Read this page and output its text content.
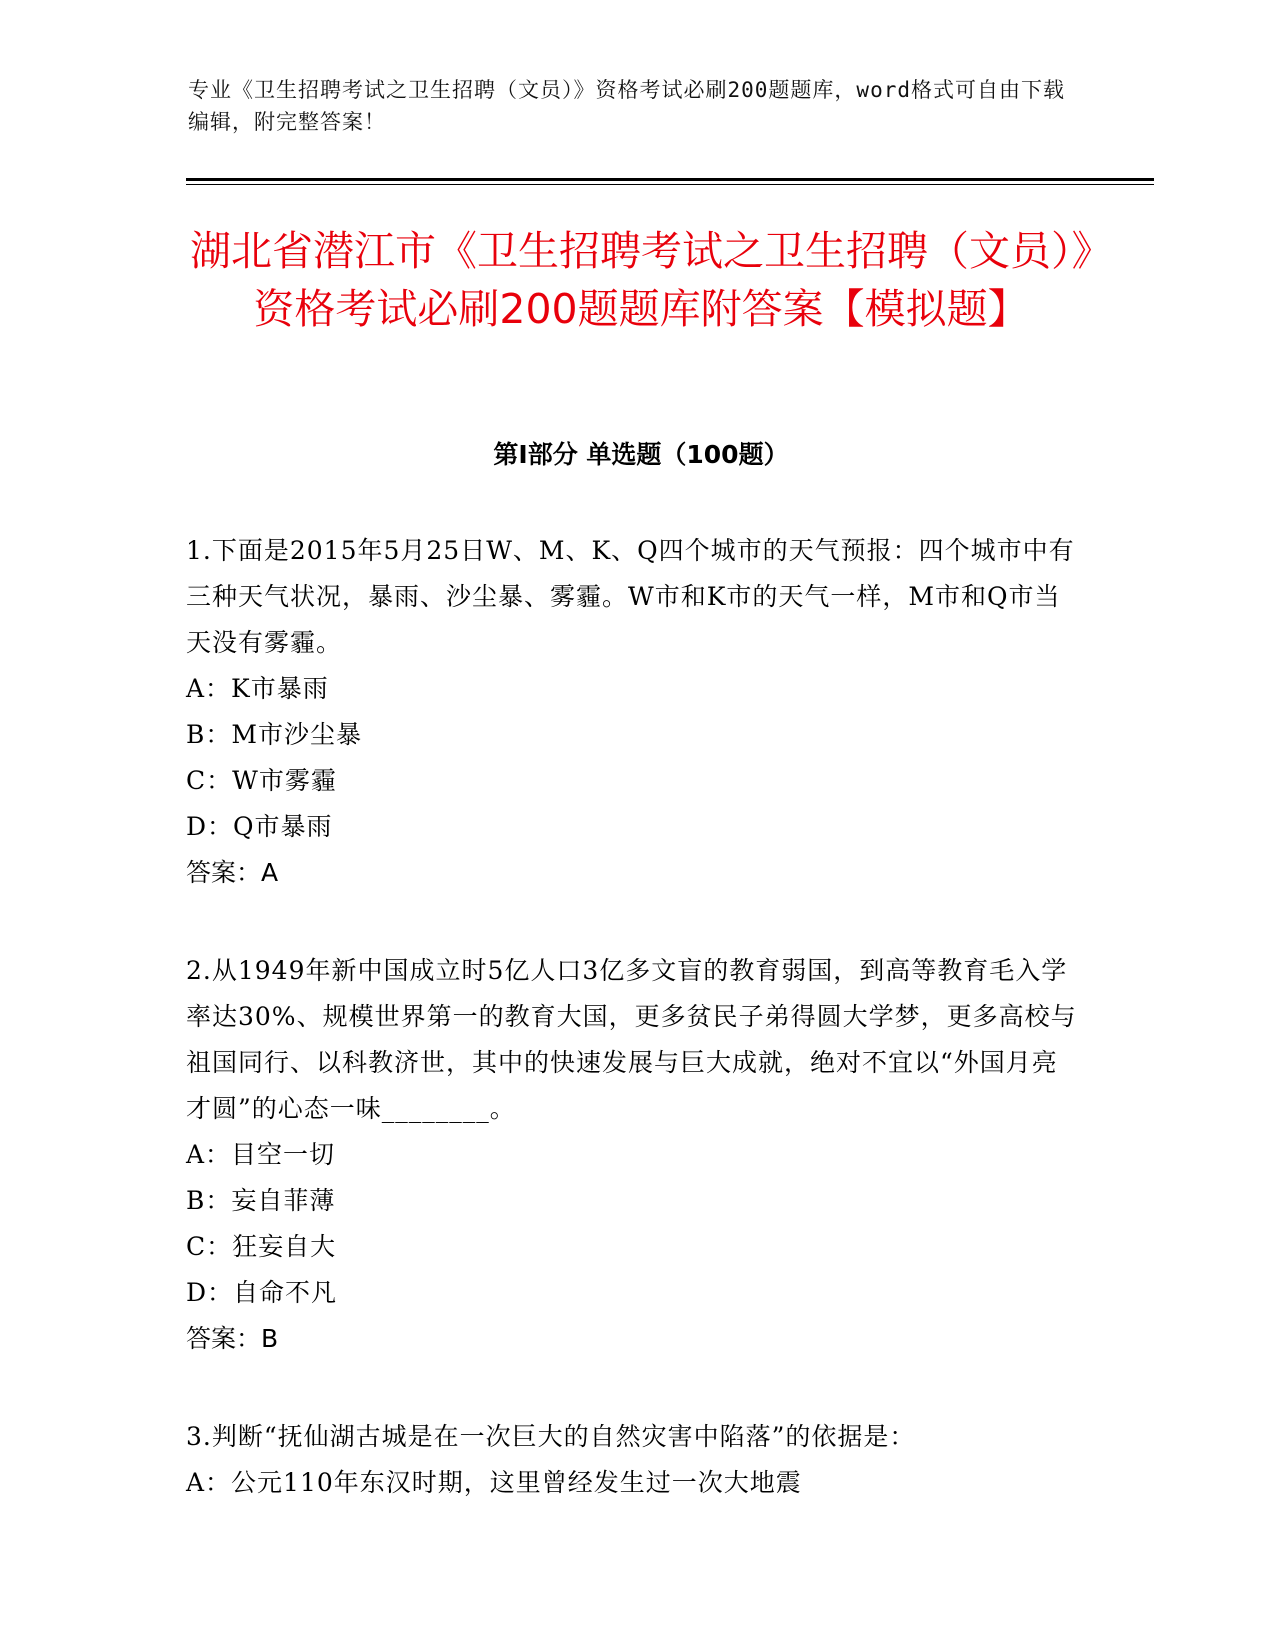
专业《卫生招聘考试之卫生招聘（文员）》资格考试必刷200题题库，word格式可自由下载编辑，附完整答案！
湖北省潜江市《卫生招聘考试之卫生招聘（文员）》资格考试必刷200题题库附答案【模拟题】
第I部分 单选题（100题）

1.下面是2015年5月25日W、M、K、Q四个城市的天气预报：四个城市中有三种天气状况，暴雨、沙尘暴、雾霾。W市和K市的天气一样，M市和Q市当天没有雾霾。

A：K市暴雨

B：M市沙尘暴

C：W市雾霾

D：Q市暴雨

答案：A

2.从1949年新中国成立时5亿人口3亿多文盲的教育弱国，到高等教育毛入学率达30%、规模世界第一的教育大国，更多贫民子弟得圆大学梦，更多高校与祖国同行、以科教济世，其中的快速发展与巨大成就，绝对不宜以“外国月亮才圆”的心态一味________。

A：目空一切

B：妄自菲薄

C：狂妄自大

D：自命不凡

答案：B

3.判断“抚仙湖古城是在一次巨大的自然灾害中陷落”的依据是：

A：公元110年东汉时期，这里曾经发生过一次大地震
